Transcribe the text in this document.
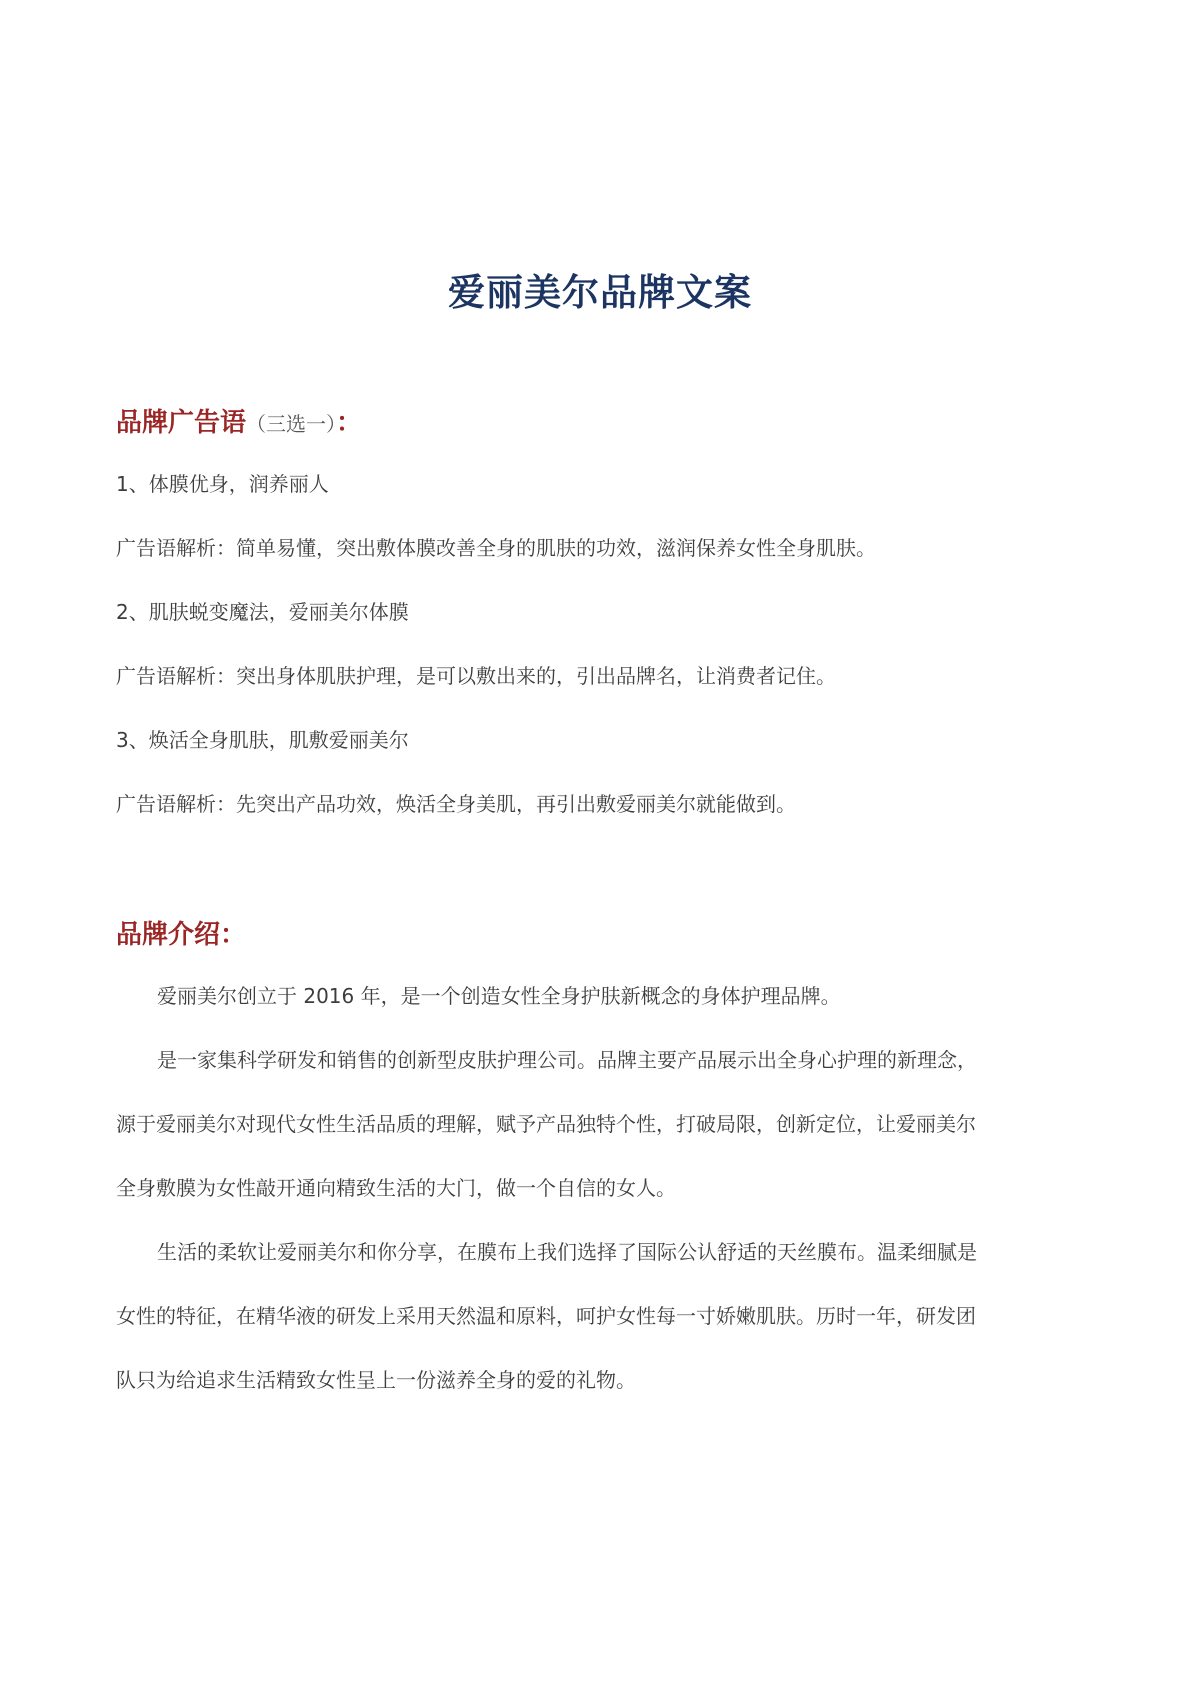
爱丽美尔品牌文案
品牌广告语（三选一）：

1、体膜优身，润养丽人

广告语解析：简单易懂，突出敷体膜改善全身的肌肤的功效，滋润保养女性全身肌肤。

2、肌肤蜕变魔法，爱丽美尔体膜

广告语解析：突出身体肌肤护理，是可以敷出来的，引出品牌名，让消费者记住。

3、焕活全身肌肤，肌敷爱丽美尔

广告语解析：先突出产品功效，焕活全身美肌，再引出敷爱丽美尔就能做到。

品牌介绍：

爱丽美尔创立于 2016 年，是一个创造女性全身护肤新概念的身体护理品牌。

是一家集科学研发和销售的创新型皮肤护理公司。品牌主要产品展示出全身心护理的新理念，

源于爱丽美尔对现代女性生活品质的理解，赋予产品独特个性，打破局限，创新定位，让爱丽美尔

全身敷膜为女性敲开通向精致生活的大门，做一个自信的女人。

生活的柔软让爱丽美尔和你分享，在膜布上我们选择了国际公认舒适的天丝膜布。温柔细腻是

女性的特征，在精华液的研发上采用天然温和原料，呵护女性每一寸娇嫩肌肤。历时一年，研发团

队只为给追求生活精致女性呈上一份滋养全身的爱的礼物。
